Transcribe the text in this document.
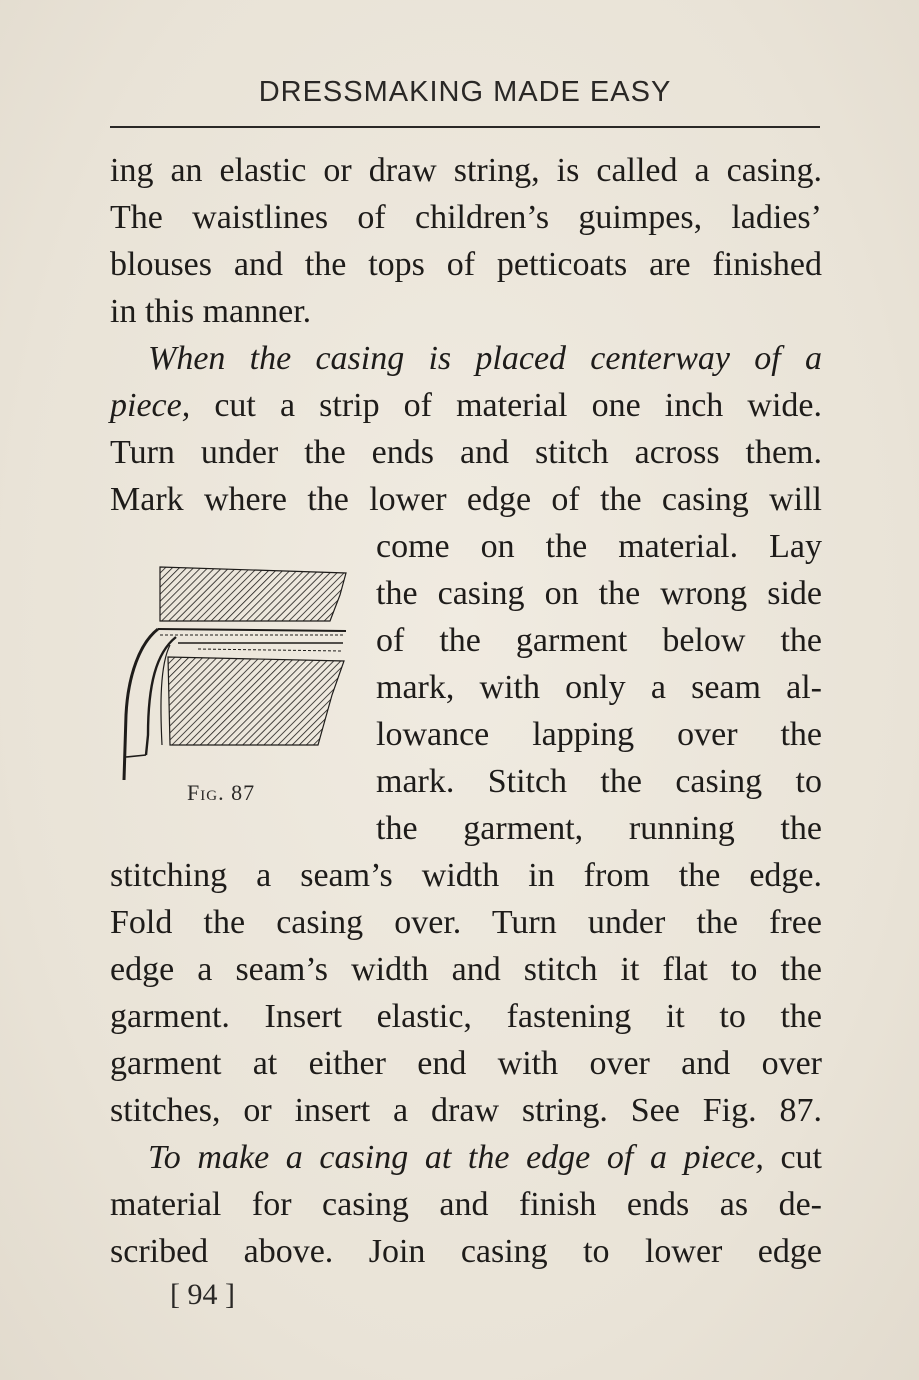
DRESSMAKING MADE EASY
ing an elastic or draw string, is called a casing.
The waistlines of children’s guimpes, ladies’
blouses and the tops of petticoats are finished
in this manner.
When the casing is placed centerway of a
piece, cut a strip of material one inch wide.
Turn under the ends and stitch across them.
Mark where the lower edge of the casing will
come on the material. Lay
the casing on the wrong side
of the garment below the
mark, with only a seam al-
lowance lapping over the
mark. Stitch the casing to
the garment, running the
Fig. 87
stitching a seam’s width in from the edge.
Fold the casing over. Turn under the free
edge a seam’s width and stitch it flat to the
garment. Insert elastic, fastening it to the
garment at either end with over and over
stitches, or insert a draw string. See Fig. 87.
To make a casing at the edge of a piece, cut
material for casing and finish ends as de-
scribed above. Join casing to lower edge
[ 94 ]
